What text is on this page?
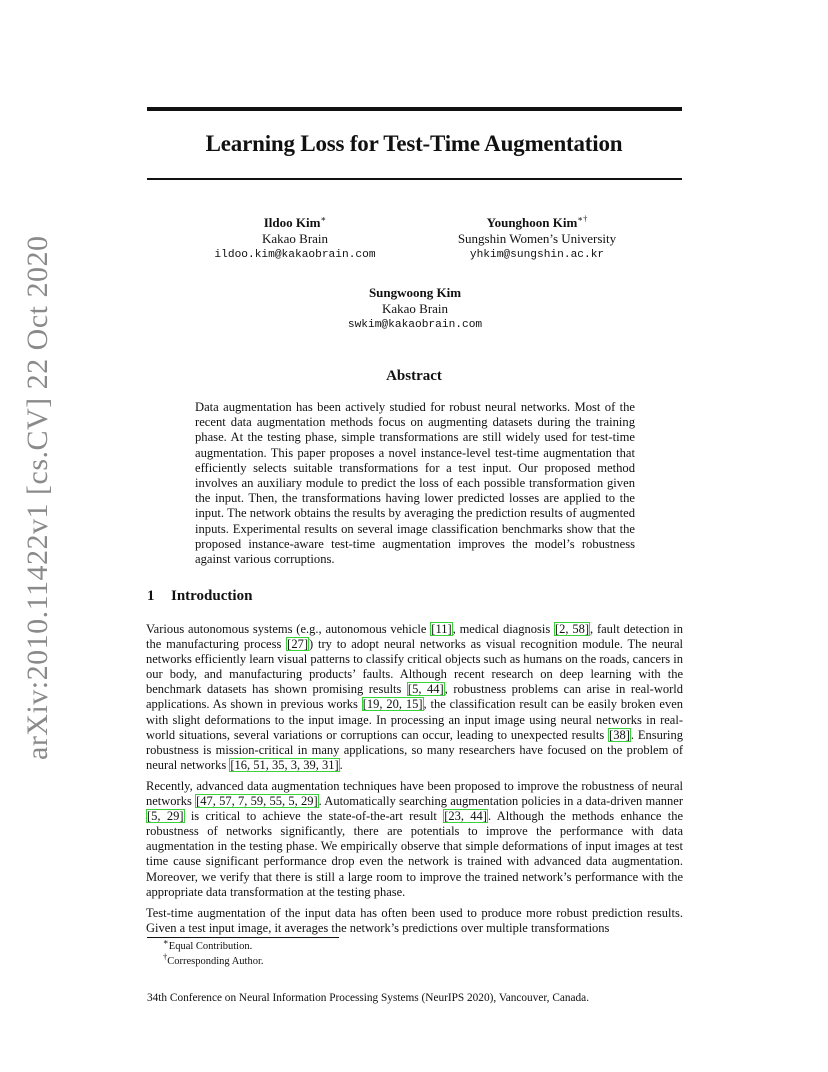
arXiv:2010.11422v1 [cs.CV] 22 Oct 2020
Learning Loss for Test-Time Augmentation
Ildoo Kim∗
Kakao Brain
ildoo.kim@kakaobrain.com
Younghoon Kim∗†
Sungshin Women’s University
yhkim@sungshin.ac.kr
Sungwoong Kim
Kakao Brain
swkim@kakaobrain.com
Abstract

Data augmentation has been actively studied for robust neural networks. Most of the recent data augmentation methods focus on augmenting datasets during the training phase. At the testing phase, simple transformations are still widely used for test-time augmentation. This paper proposes a novel instance-level test-time augmentation that efficiently selects suitable transformations for a test input. Our proposed method involves an auxiliary module to predict the loss of each possible transformation given the input. Then, the transformations having lower predicted losses are applied to the input. The network obtains the results by averaging the prediction results of augmented inputs. Experimental results on several image classification benchmarks show that the proposed instance-aware test-time augmentation improves the model’s robustness against various corruptions.

1 Introduction

Various autonomous systems (e.g., autonomous vehicle [11], medical diagnosis [2, 58], fault detection in the manufacturing process [27]) try to adopt neural networks as visual recognition module. The neural networks efficiently learn visual patterns to classify critical objects such as humans on the roads, cancers in our body, and manufacturing products’ faults. Although recent research on deep learning with the benchmark datasets has shown promising results [5, 44], robustness problems can arise in real-world applications. As shown in previous works [19, 20, 15], the classification result can be easily broken even with slight deformations to the input image. In processing an input image using neural networks in real-world situations, several variations or corruptions can occur, leading to unexpected results [38]. Ensuring robustness is mission-critical in many applications, so many researchers have focused on the problem of neural networks [16, 51, 35, 3, 39, 31].

Recently, advanced data augmentation techniques have been proposed to improve the robustness of neural networks [47, 57, 7, 59, 55, 5, 29]. Automatically searching augmentation policies in a data-driven manner [5, 29] is critical to achieve the state-of-the-art result [23, 44]. Although the methods enhance the robustness of networks significantly, there are potentials to improve the performance with data augmentation in the testing phase. We empirically observe that simple deformations of input images at test time cause significant performance drop even the network is trained with advanced data augmentation. Moreover, we verify that there is still a large room to improve the trained network’s performance with the appropriate data transformation at the testing phase.

Test-time augmentation of the input data has often been used to produce more robust prediction results. Given a test input image, it averages the network’s predictions over multiple transformations

∗Equal Contribution.
†Corresponding Author.
34th Conference on Neural Information Processing Systems (NeurIPS 2020), Vancouver, Canada.
